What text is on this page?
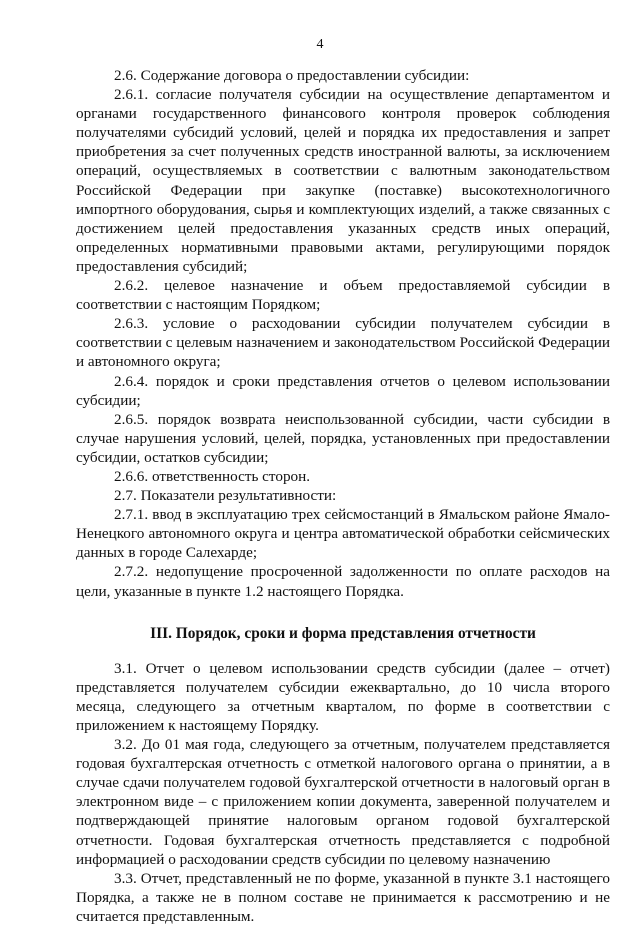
4

2.6. Содержание договора о предоставлении субсидии:

2.6.1. согласие получателя субсидии на осуществление департаментом и органами государственного финансового контроля проверок соблюдения получателями субсидий условий, целей и порядка их предоставления и запрет приобретения за счет полученных средств иностранной валюты, за исключением операций, осуществляемых в соответствии с валютным законодательством Российской Федерации при закупке (поставке) высокотехнологичного импортного оборудования, сырья и комплектующих изделий, а также связанных с достижением целей предоставления указанных средств иных операций, определенных нормативными правовыми актами, регулирующими порядок предоставления субсидий;

2.6.2. целевое назначение и объем предоставляемой субсидии в соответствии с настоящим Порядком;

2.6.3. условие о расходовании субсидии получателем субсидии в соответствии с целевым назначением и законодательством Российской Федерации и автономного округа;

2.6.4. порядок и сроки представления отчетов о целевом использовании субсидии;

2.6.5. порядок возврата неиспользованной субсидии, части субсидии в случае нарушения условий, целей, порядка, установленных при предоставлении субсидии, остатков субсидии;

2.6.6. ответственность сторон.

2.7. Показатели результативности:

2.7.1. ввод в эксплуатацию трех сейсмостанций в Ямальском районе Ямало-Ненецкого автономного округа и центра автоматической обработки сейсмических данных в городе Салехарде;

2.7.2. недопущение просроченной задолженности по оплате расходов на цели, указанные в пункте 1.2 настоящего Порядка.

III. Порядок, сроки и форма представления отчетности

3.1. Отчет о целевом использовании средств субсидии (далее – отчет) представляется получателем субсидии ежеквартально, до 10 числа второго месяца, следующего за отчетным кварталом, по форме в соответствии с приложением к настоящему Порядку.

3.2. До 01 мая года, следующего за отчетным, получателем представляется годовая бухгалтерская отчетность с отметкой налогового органа о принятии, а в случае сдачи получателем годовой бухгалтерской отчетности в налоговый орган в электронном виде – с приложением копии документа, заверенной получателем и подтверждающей принятие налоговым органом годовой бухгалтерской отчетности. Годовая бухгалтерская отчетность представляется с подробной информацией о расходовании средств субсидии по целевому назначению

3.3. Отчет, представленный не по форме, указанной в пункте 3.1 настоящего Порядка, а также не в полном составе не принимается к рассмотрению и не считается представленным.
